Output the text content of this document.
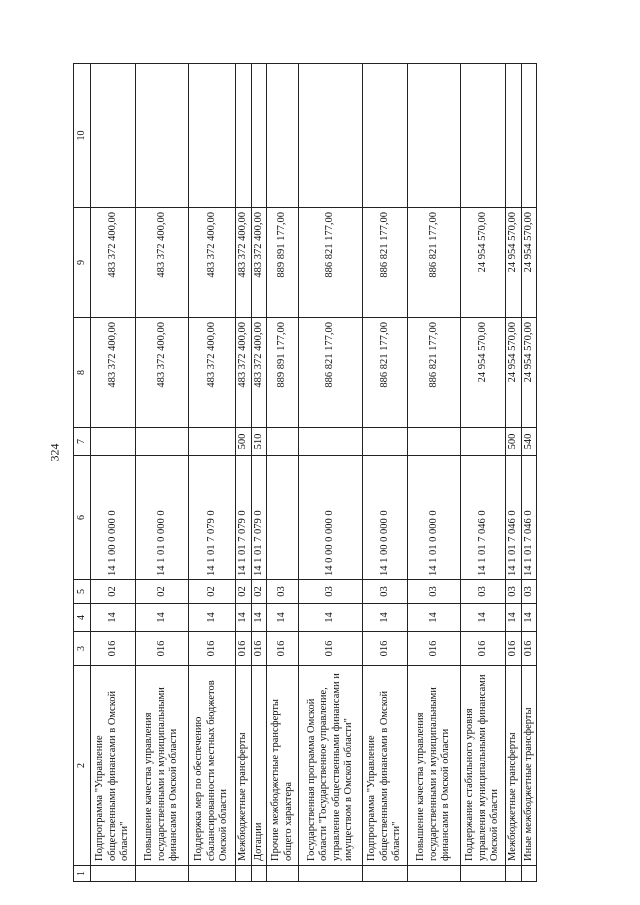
324
1	2	3	4	5	6	7	8	9	10
	Подпрограмма "Управление общественными финансами в Омской области"	016	14	02	14 1 00 0 000 0		483 372 400,00	483 372 400,00	
	Повышение качества управления государственными и муниципальными финансами в Омской области	016	14	02	14 1 01 0 000 0		483 372 400,00	483 372 400,00	
	Поддержка мер по обеспечению сбалансированности местных бюджетов Омской области	016	14	02	14 1 01 7 079 0		483 372 400,00	483 372 400,00	
	Межбюджетные трансферты	016	14	02	14 1 01 7 079 0	500	483 372 400,00	483 372 400,00	
	Дотации	016	14	02	14 1 01 7 079 0	510	483 372 400,00	483 372 400,00	
	Прочие межбюджетные трансферты общего характера	016	14	03			889 891 177,00	889 891 177,00	
	Государственная программа Омской области "Государственное управление, управление общественными финансами и имуществом в Омской области"	016	14	03	14 0 00 0 000 0		886 821 177,00	886 821 177,00	
	Подпрограмма "Управление общественными финансами в Омской области"	016	14	03	14 1 00 0 000 0		886 821 177,00	886 821 177,00	
	Повышение качества управления государственными и муниципальными финансами в Омской области	016	14	03	14 1 01 0 000 0		886 821 177,00	886 821 177,00	
	Поддержание стабильного уровня управления муниципальными финансами Омской области	016	14	03	14 1 01 7 046 0		24 954 570,00	24 954 570,00	
	Межбюджетные трансферты	016	14	03	14 1 01 7 046 0	500	24 954 570,00	24 954 570,00	
	Иные межбюджетные трансферты	016	14	03	14 1 01 7 046 0	540	24 954 570,00	24 954 570,00	
